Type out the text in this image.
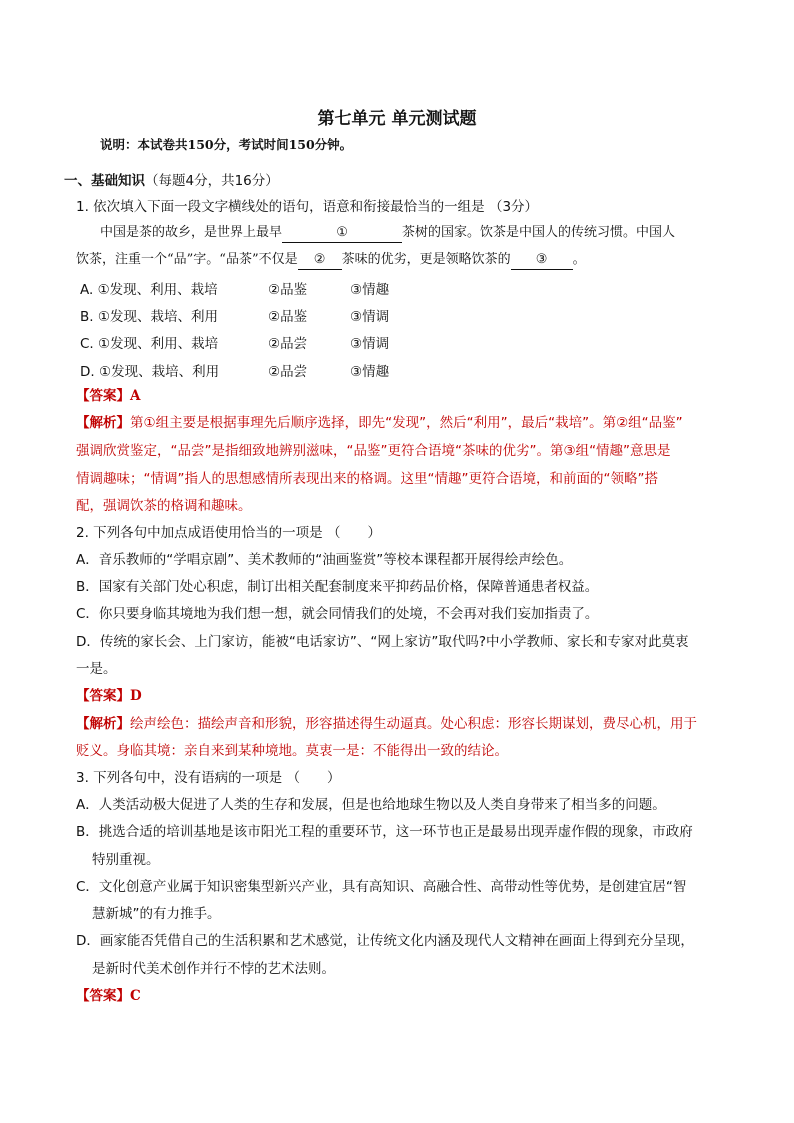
第七单元 单元测试题
说明：本试卷共150分，考试时间150分钟。
一、基础知识（每题4分，共16分）
1. 依次填入下面一段文字横线处的语句，语意和衔接最恰当的一组是 （3分）
中国是茶的故乡，是世界上最早	①	茶树的国家。饮茶是中国人的传统习惯。中国人
饮茶，注重一个“品”字。“品茶”不仅是 ② 茶味的优劣，更是领略饮茶的 ③ 。
A. ①发现、利用、栽培	②品鉴	③情趣
B. ①发现、栽培、利用	②品鉴	③情调
C. ①发现、利用、栽培	②品尝	③情调
D. ①发现、栽培、利用	②品尝	③情趣
【答案】A
【解析】第①组主要是根据事理先后顺序选择，即先“发现”，然后“利用”，最后“栽培”。第②组“品鉴”
强调欣赏鉴定，“品尝”是指细致地辨别滋味，“品鉴”更符合语境“茶味的优劣”。第③组“情趣”意思是
情调趣味；“情调”指人的思想感情所表现出来的格调。这里“情趣”更符合语境，和前面的“领略”搭
配，强调饮茶的格调和趣味。
2. 下列各句中加点成语使用恰当的一项是 （　　）
A．音乐教师的“学唱京剧”、美术教师的“油画鉴赏”等校本课程都开展得绘声绘色。
B．国家有关部门处心积虑，制订出相关配套制度来平抑药品价格，保障普通患者权益。
C．你只要身临其境地为我们想一想，就会同情我们的处境，不会再对我们妄加指责了。
D．传统的家长会、上门家访，能被“电话家访”、“网上家访”取代吗?中小学教师、家长和专家对此莫衷
一是。
【答案】D
【解析】绘声绘色：描绘声音和形貌，形容描述得生动逼真。处心积虑：形容长期谋划，费尽心机，用于
贬义。身临其境：亲自来到某种境地。莫衷一是：不能得出一致的结论。
3. 下列各句中，没有语病的一项是 （　　）
A．人类活动极大促进了人类的生存和发展，但是也给地球生物以及人类自身带来了相当多的问题。
B．挑选合适的培训基地是该市阳光工程的重要环节，这一环节也正是最易出现弄虚作假的现象，市政府
特别重视。
C．文化创意产业属于知识密集型新兴产业，具有高知识、高融合性、高带动性等优势，是创建宜居“智
慧新城”的有力推手。
D．画家能否凭借自己的生活积累和艺术感觉，让传统文化内涵及现代人文精神在画面上得到充分呈现，
是新时代美术创作并行不悖的艺术法则。
【答案】C
